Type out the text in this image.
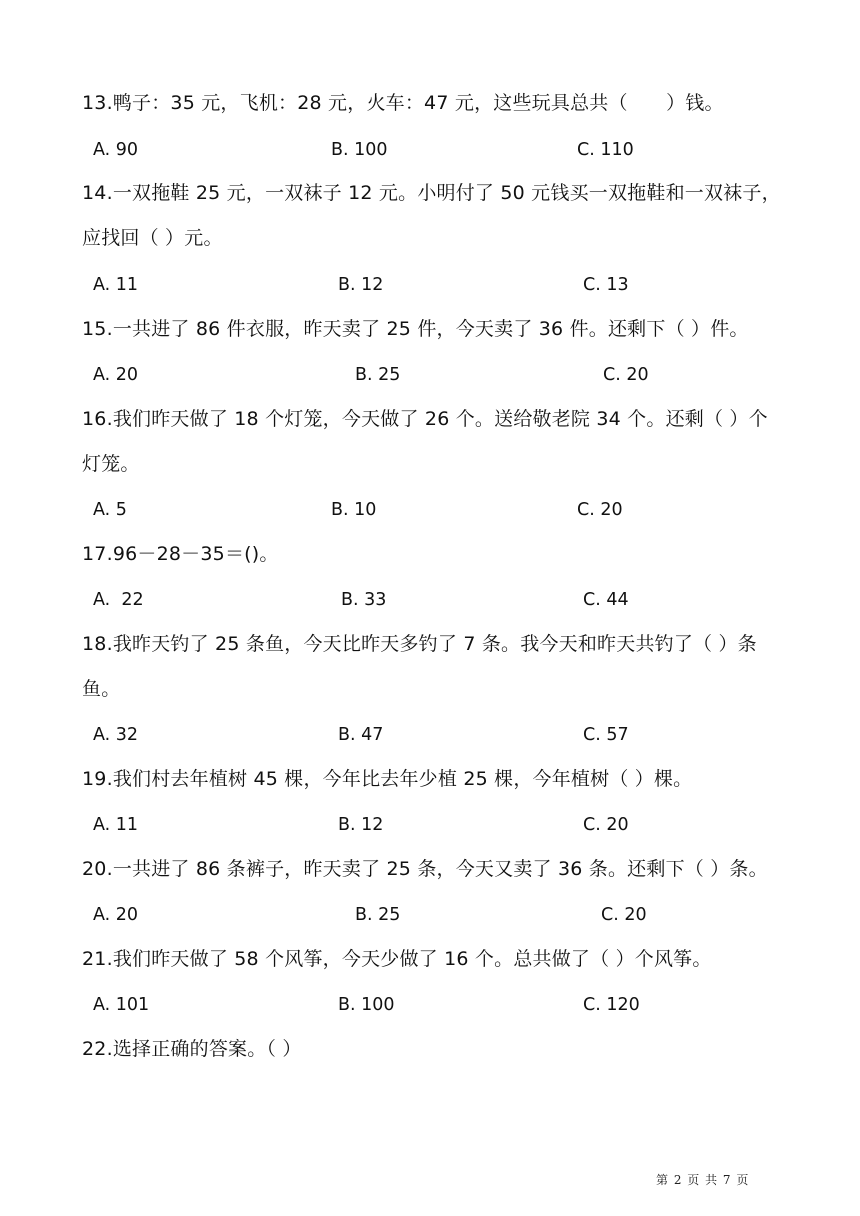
13.鸭子：35 元，飞机：28 元，火车：47 元，这些玩具总共（　　）钱。

A. 90	B. 100	C. 110

14.一双拖鞋 25 元，一双袜子 12 元。小明付了 50 元钱买一双拖鞋和一双袜子，应找回（ ）元。

A. 11	B. 12	C. 13

15.一共进了 86 件衣服，昨天卖了 25 件，今天卖了 36 件。还剩下（ ）件。

A. 20	B. 25	C. 20

16.我们昨天做了 18 个灯笼，今天做了 26 个。送给敬老院 34 个。还剩（ ）个灯笼。

A. 5	B. 10	C. 20

17.96－28－35＝()。

A.  22	B. 33	C. 44

18.我昨天钓了 25 条鱼，今天比昨天多钓了 7 条。我今天和昨天共钓了（ ）条鱼。

A. 32	B. 47	C. 57

19.我们村去年植树 45 棵，今年比去年少植 25 棵，今年植树（ ）棵。

A. 11	B. 12	C. 20

20.一共进了 86 条裤子，昨天卖了 25 条，今天又卖了 36 条。还剩下（ ）条。

A. 20	B. 25	C. 20

21.我们昨天做了 58 个风筝，今天少做了 16 个。总共做了（ ）个风筝。

A. 101	B. 100	C. 120

22.选择正确的答案。（ ）

第 2 页 共 7 页
